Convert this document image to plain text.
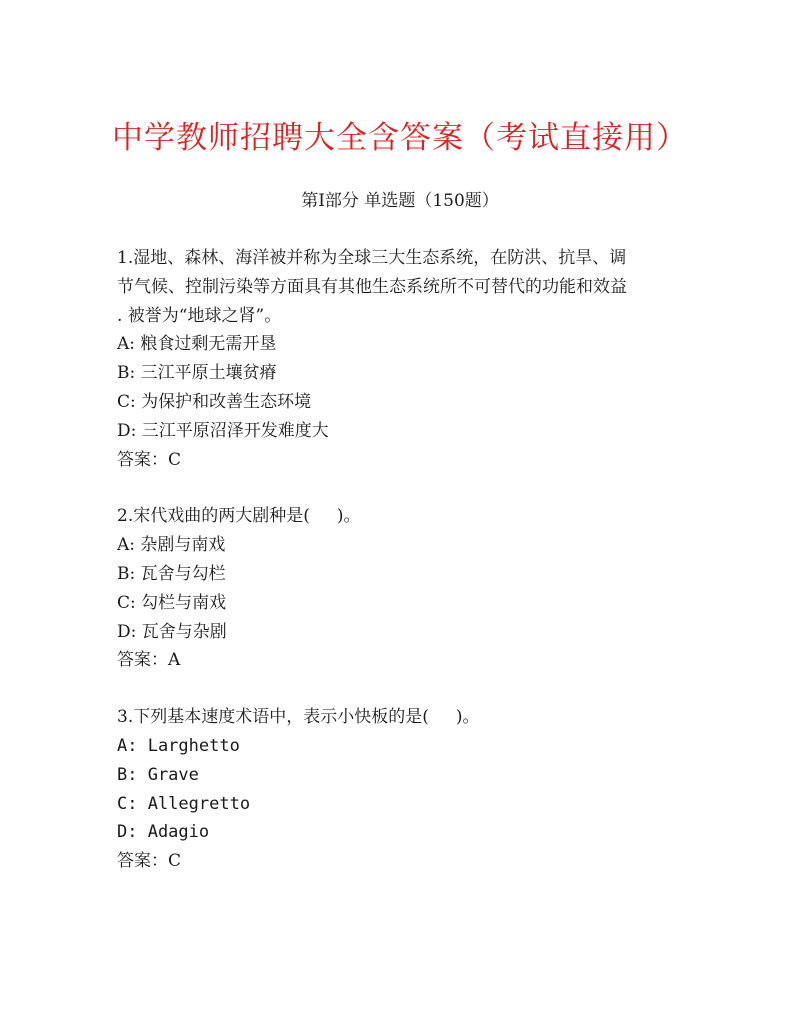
中学教师招聘大全含答案（考试直接用）
第Ⅰ部分 单选题（150题）

1.湿地、森林、海洋被并称为全球三大生态系统，在防洪、抗旱、调

节气候、控制污染等方面具有其他生态系统所不可替代的功能和效益

. 被誉为“地球之肾”。

A: 粮食过剩无需开垦

B: 三江平原土壤贫瘠

C: 为保护和改善生态环境

D: 三江平原沼泽开发难度大

答案：C

2.宋代戏曲的两大剧种是(     )。

A: 杂剧与南戏

B: 瓦舍与勾栏

C: 勾栏与南戏

D: 瓦舍与杂剧

答案：A

3.下列基本速度术语中，表示小快板的是(     )。

A: Larghetto

B: Grave

C: Allegretto

D: Adagio

答案：C
